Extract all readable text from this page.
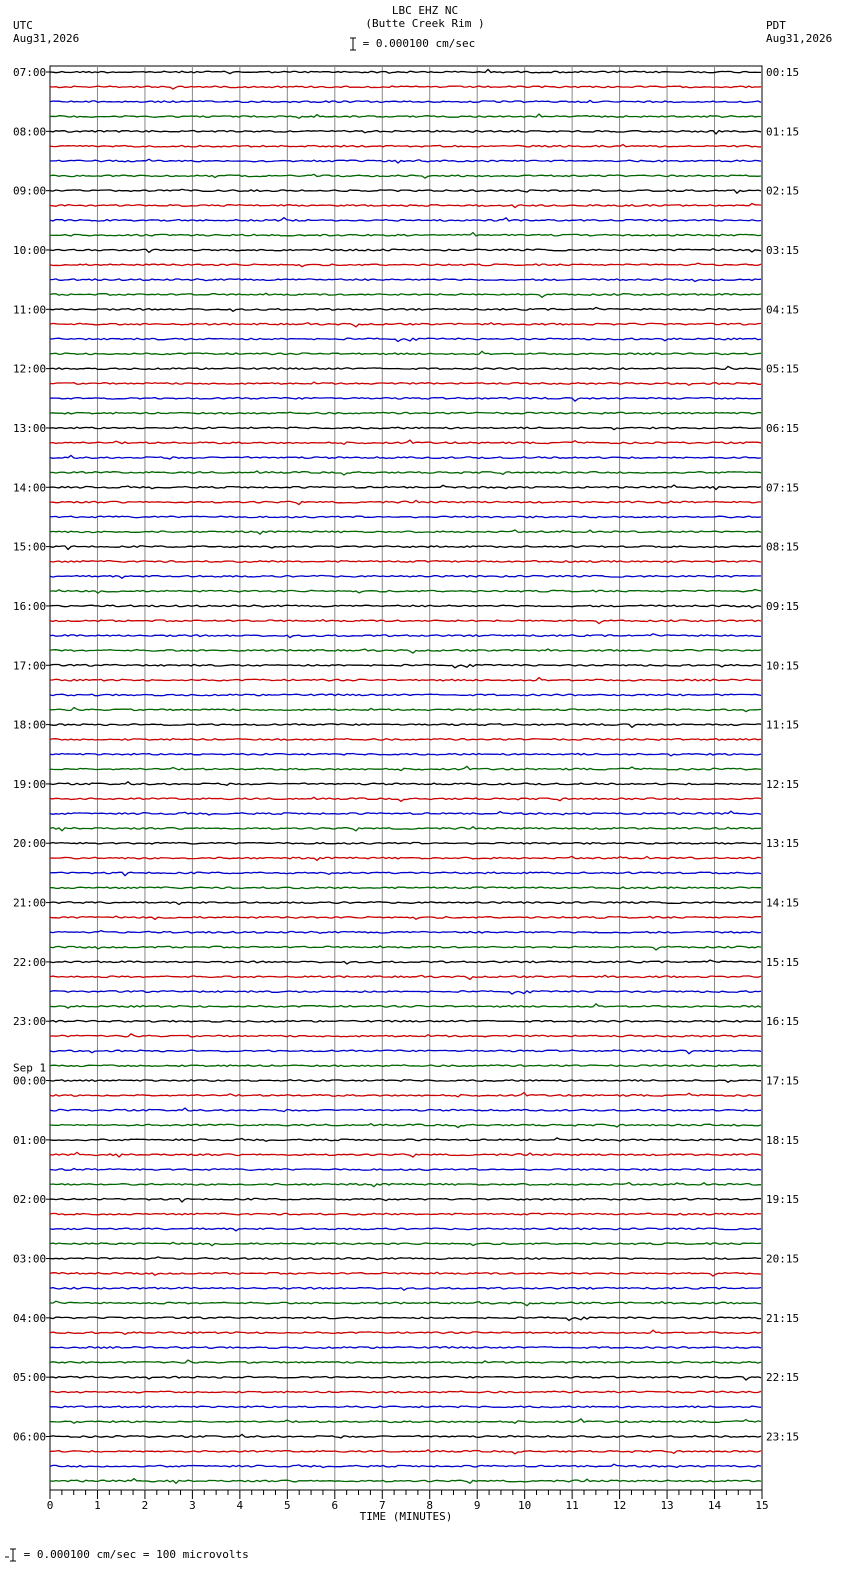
LBC EHZ NC
(Butte Creek Rim )
UTC
Aug31,2026
PDT
Aug31,2026
= 0.000100 cm/sec
07:00
08:00
09:00
10:00
11:00
12:00
13:00
14:00
15:00
16:00
17:00
18:00
19:00
20:00
21:00
22:00
23:00
00:00
01:00
02:00
03:00
04:00
05:00
06:00
00:15
01:15
02:15
03:15
04:15
05:15
06:15
07:15
08:15
09:15
10:15
11:15
12:15
13:15
14:15
15:15
16:15
17:15
18:15
19:15
20:15
21:15
22:15
23:15
Sep 1
0	1	2	3	4	5	6	7	8	9	10	11	12	13	14	15
TIME (MINUTES)
= 0.000100 cm/sec = 100 microvolts
